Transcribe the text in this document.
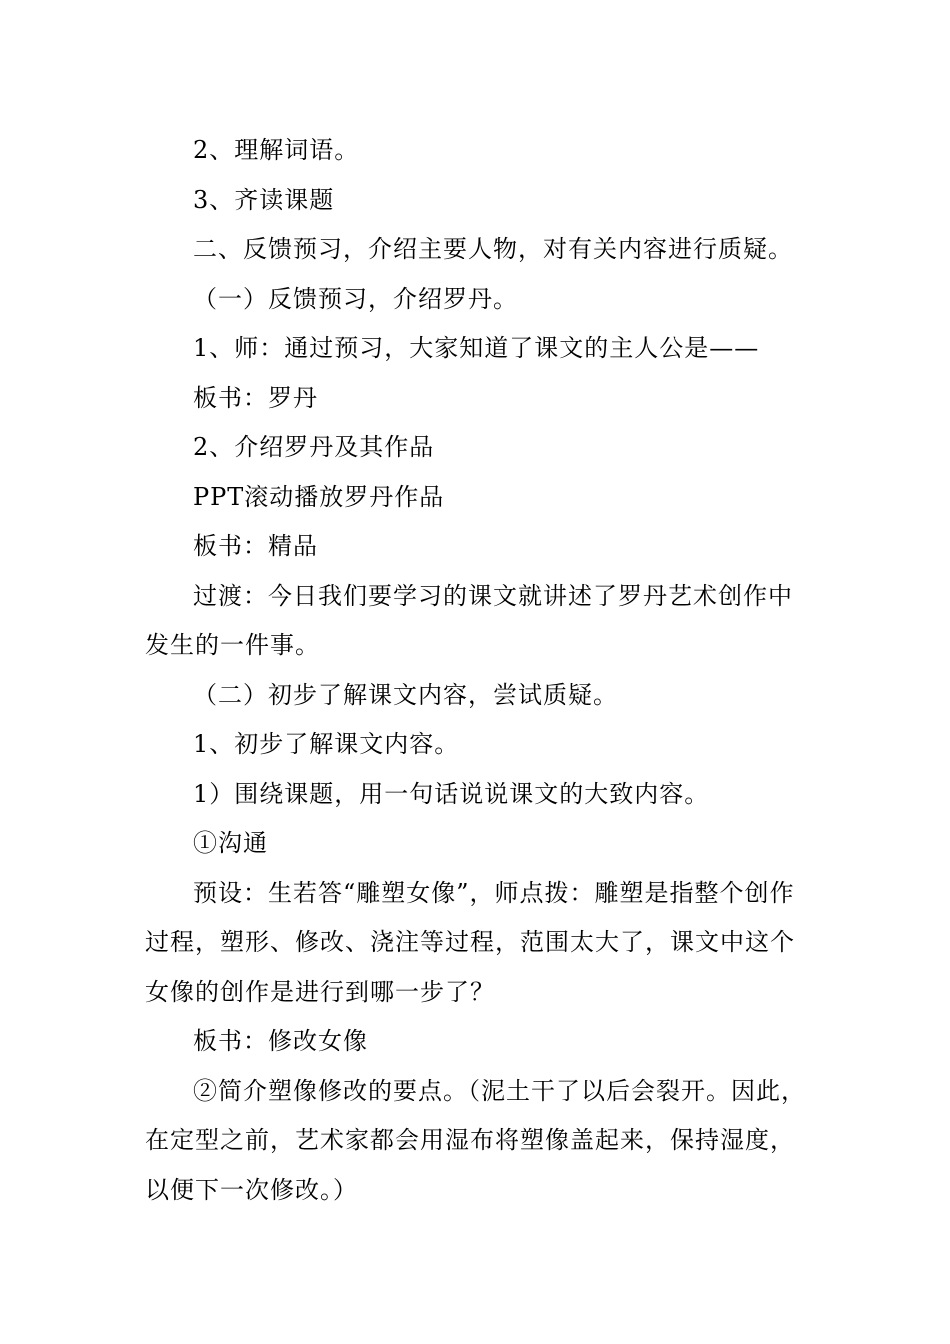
2、理解词语。

3、齐读课题

二、反馈预习，介绍主要人物，对有关内容进行质疑。

（一）反馈预习，介绍罗丹。

1、师：通过预习，大家知道了课文的主人公是——

板书：罗丹

2、介绍罗丹及其作品

PPT滚动播放罗丹作品

板书：精品

过渡：今日我们要学习的课文就讲述了罗丹艺术创作中发生的一件事。

（二）初步了解课文内容，尝试质疑。

1、初步了解课文内容。

1）围绕课题，用一句话说说课文的大致内容。

①沟通

预设：生若答“雕塑女像”，师点拨：雕塑是指整个创作过程，塑形、修改、浇注等过程，范围太大了，课文中这个女像的创作是进行到哪一步了？

板书：修改女像

②简介塑像修改的要点。（泥土干了以后会裂开。因此，在定型之前，艺术家都会用湿布将塑像盖起来，保持湿度，以便下一次修改。）
